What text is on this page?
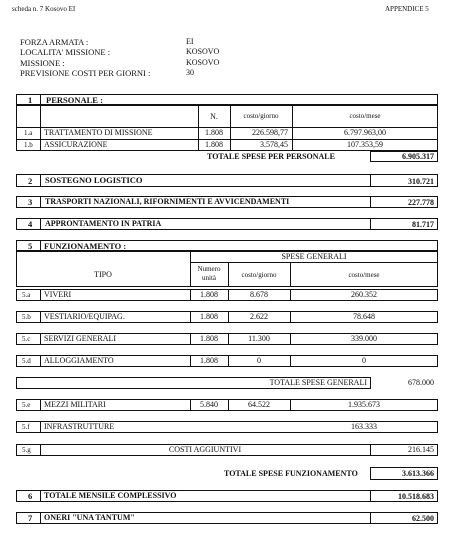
scheda n. 7 Kosovo EI	APPENDICE 5
FORZA ARMATA :	EI
LOCALITA' MISSIONE :	KOSOVO
MISSIONE :	KOSOVO
PREVISIONE COSTI PER GIORNI :	30
1 PERSONALE :
N.	costo/giorno	costo/mese
1.a TRATTAMENTO DI MISSIONE	1.808	226.598,77	6.797.963,00
1.b ASSICURAZIONE	1.808	3.578,45	107.353,59
TOTALE SPESE PER PERSONALE	6.905.317
2 SOSTEGNO LOGISTICO	310.721
3 TRASPORTI NAZIONALI, RIFORNIMENTI E AVVICENDAMENTI	227.778
4 APPRONTAMENTO IN PATRIA	81.717
5 FUNZIONAMENTO :
SPESE GENERALI
TIPO
Numero unità	costo/giorno	costo/mese
5.a VIVERI	1.808	8.678	260.352
5.b VESTIARIO/EQUIPAG.	1.808	2.622	78.648
5.c SERVIZI GENERALI	1.808	11.300	339.000
5.d ALLOGGIAMENTO	1.808	0	0
TOTALE SPESE GENERALI	678.000
5.e MEZZI MILITARI	5.840	64.522	1.935.673
5.f INFRASTRUTTURE	163.333
5.g	COSTI AGGIUNTIVI	216.145
TOTALE SPESE FUNZIONAMENTO	3.613.366
6 TOTALE MENSILE COMPLESSIVO	10.518.683
7 ONERI "UNA TANTUM"	62.500
